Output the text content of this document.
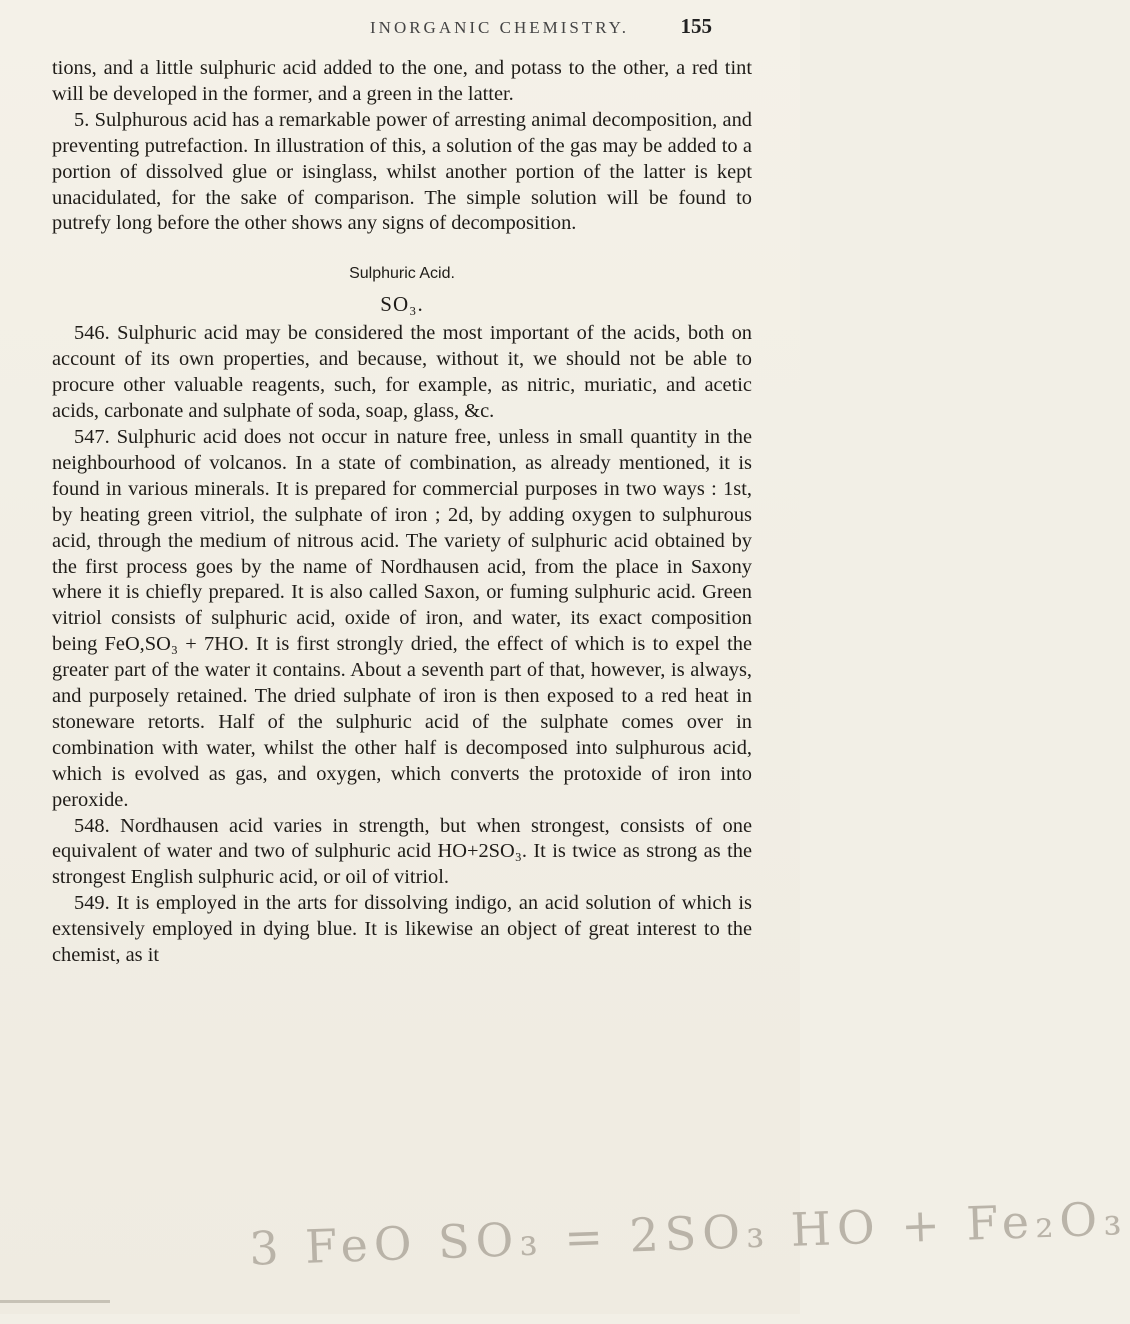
INORGANIC CHEMISTRY. 155

tions, and a little sulphuric acid added to the one, and potass to the other, a red tint will be developed in the former, and a green in the latter.

5. Sulphurous acid has a remarkable power of arresting animal decomposition, and preventing putrefaction. In illustration of this, a solution of the gas may be added to a portion of dissolved glue or isinglass, whilst another portion of the latter is kept unacidulated, for the sake of comparison. The simple solution will be found to putrefy long before the other shows any signs of decomposition.

Sulphuric Acid.
SO₃.

546. Sulphuric acid may be considered the most important of the acids, both on account of its own properties, and because, without it, we should not be able to procure other valuable reagents, such, for example, as nitric, muriatic, and acetic acids, carbonate and sulphate of soda, soap, glass, &c.

547. Sulphuric acid does not occur in nature free, unless in small quantity in the neighbourhood of volcanos. In a state of combination, as already mentioned, it is found in various minerals. It is prepared for commercial purposes in two ways : 1st, by heating green vitriol, the sulphate of iron ; 2d, by adding oxygen to sulphurous acid, through the medium of nitrous acid. The variety of sulphuric acid obtained by the first process goes by the name of Nordhausen acid, from the place in Saxony where it is chiefly prepared. It is also called Saxon, or fuming sulphuric acid. Green vitriol consists of sulphuric acid, oxide of iron, and water, its exact composition being FeO,SO₃ + 7HO. It is first strongly dried, the effect of which is to expel the greater part of the water it contains. About a seventh part of that, however, is always, and purposely retained. The dried sulphate of iron is then exposed to a red heat in stoneware retorts. Half of the sulphuric acid of the sulphate comes over in combination with water, whilst the other half is decomposed into sulphurous acid, which is evolved as gas, and oxygen, which converts the protoxide of iron into peroxide.

548. Nordhausen acid varies in strength, but when strongest, consists of one equivalent of water and two of sulphuric acid HO+2SO₃. It is twice as strong as the strongest English sulphuric acid, or oil of vitriol.

549. It is employed in the arts for dissolving indigo, an acid solution of which is extensively employed in dying blue. It is likewise an object of great interest to the chemist, as it

3 FeO SO₃ = 2SO₃ HO + Fe₂O₃
